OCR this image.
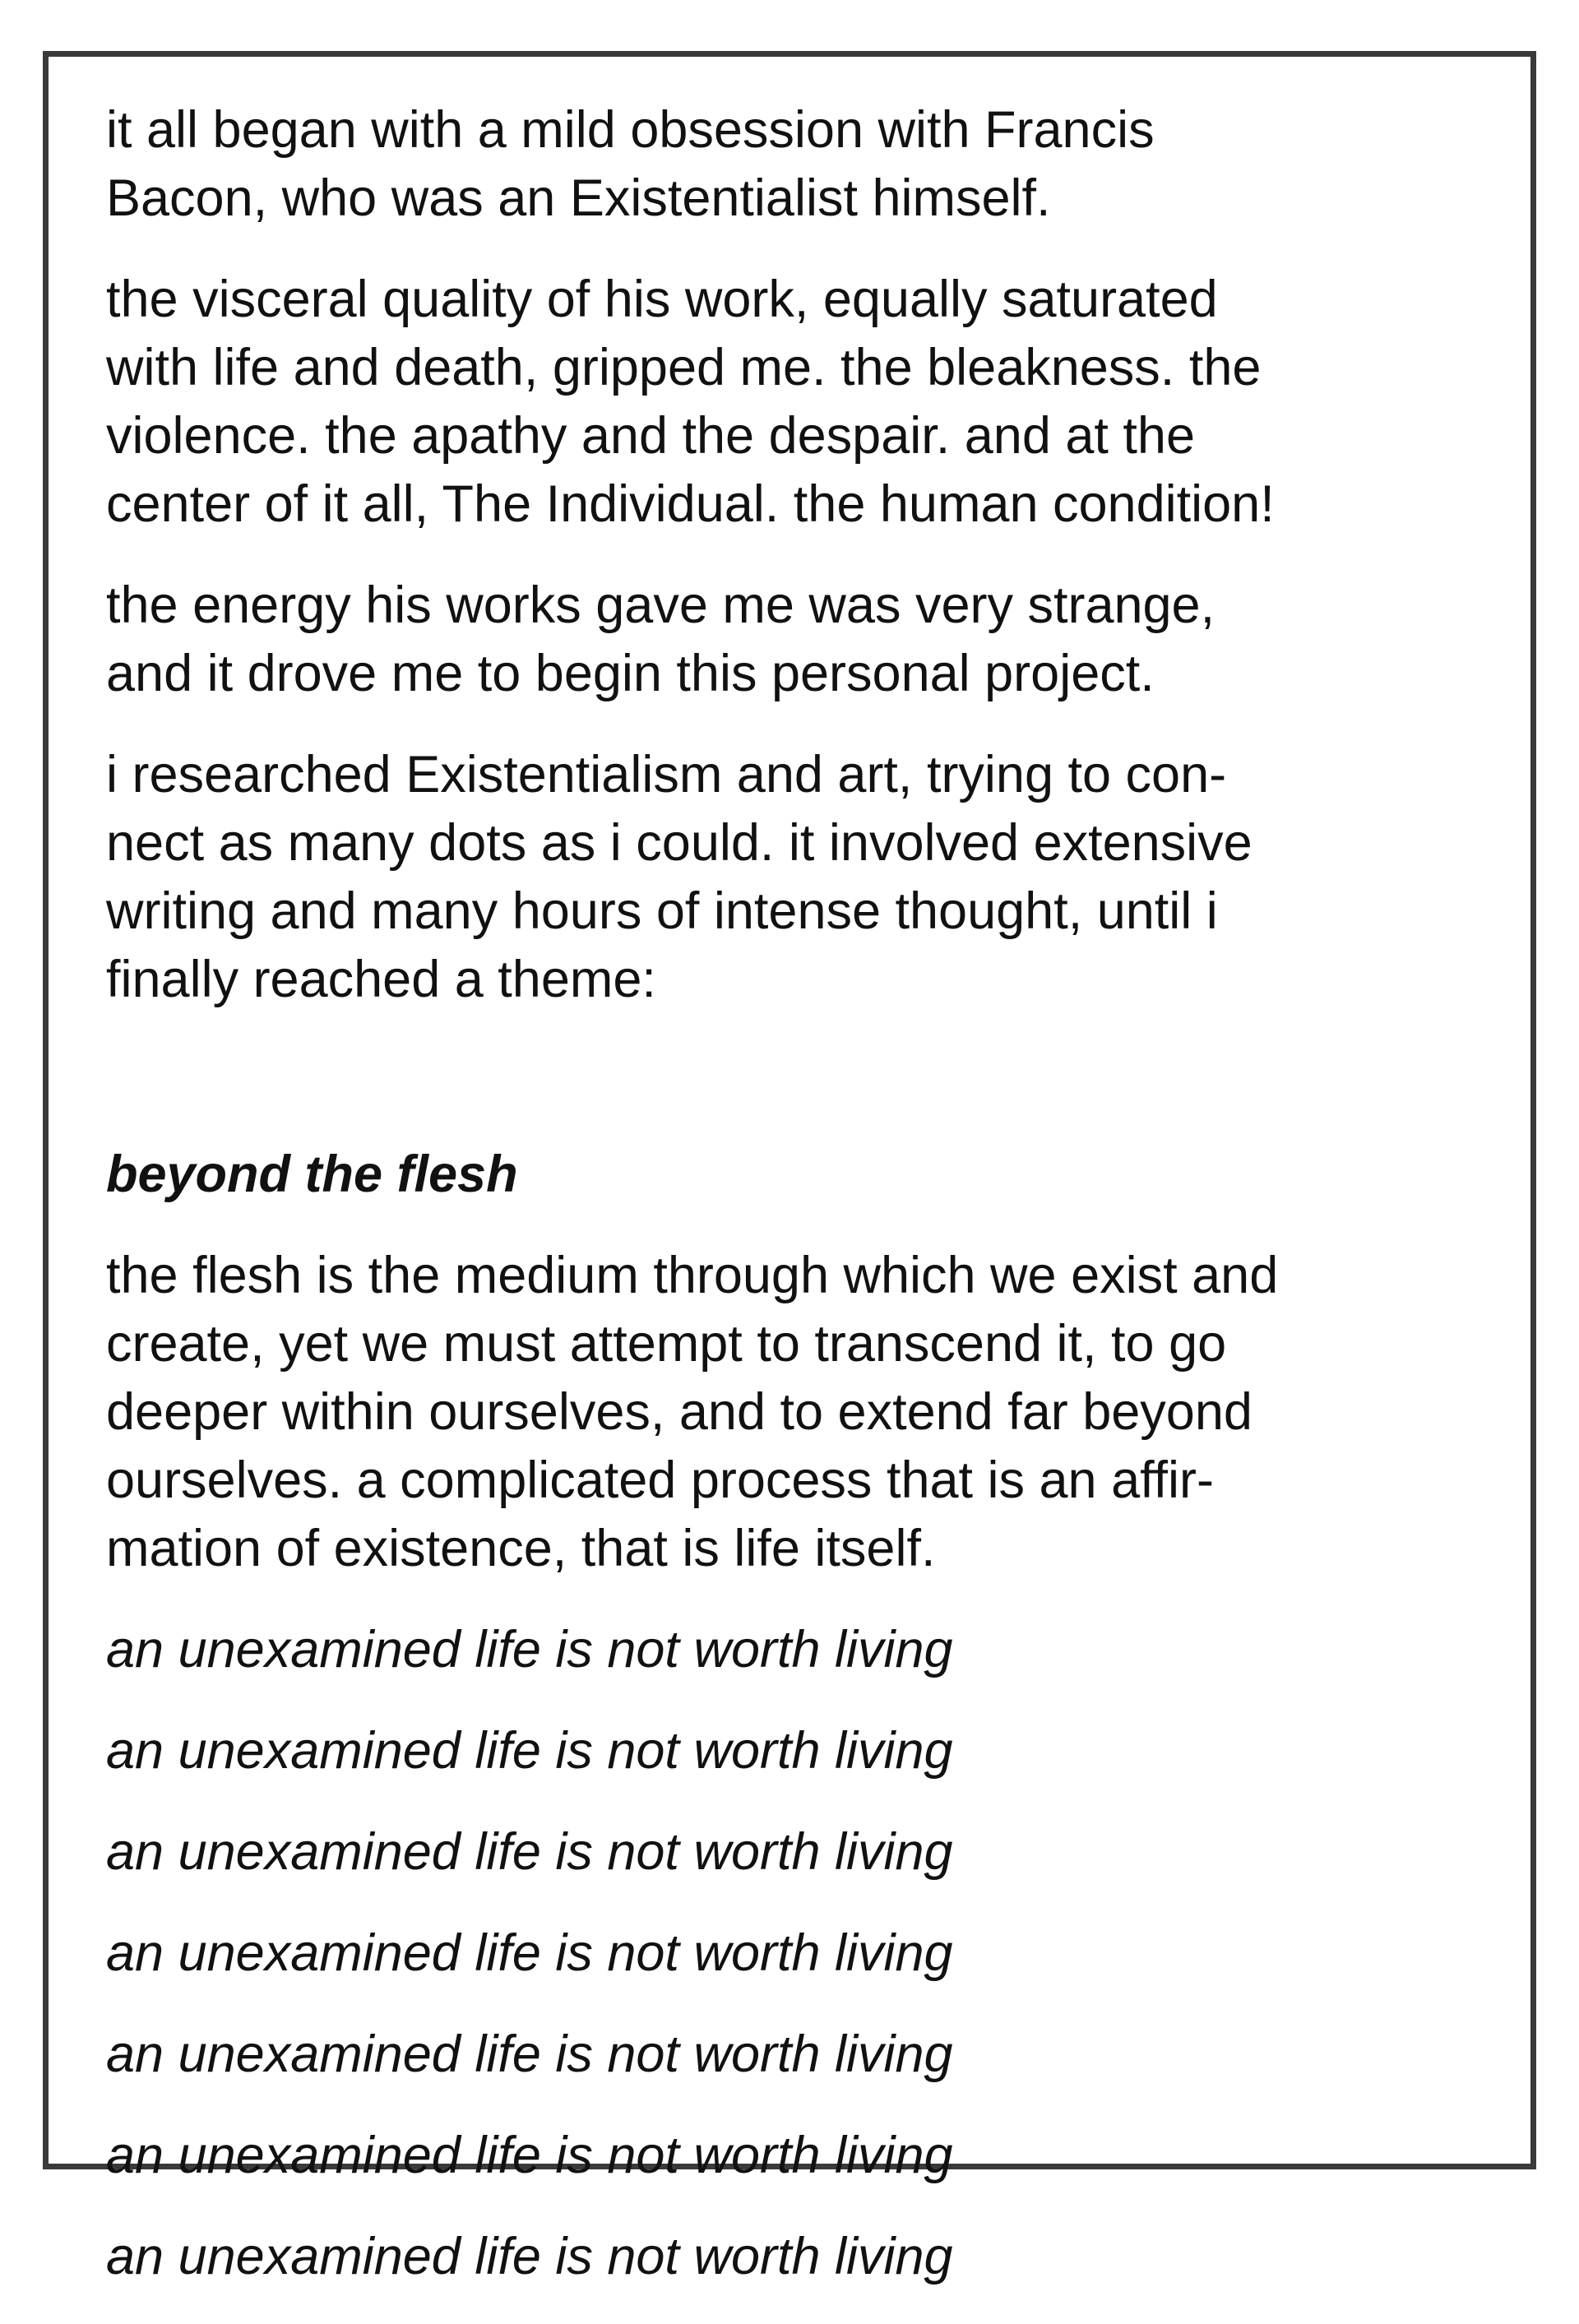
it all began with a mild obsession with Francis
Bacon, who was an Existentialist himself.

the visceral quality of his work, equally saturated
with life and death, gripped me. the bleakness. the
violence. the apathy and the despair. and at the
center of it all, The Individual. the human condition!

the energy his works gave me was very strange,
and it drove me to begin this personal project.

i researched Existentialism and art, trying to con-
nect as many dots as i could. it involved extensive
writing and many hours of intense thought, until i
finally reached a theme:

beyond the flesh

the flesh is the medium through which we exist and
create, yet we must attempt to transcend it, to go
deeper within ourselves, and to extend far beyond
ourselves. a complicated process that is an affir-
mation of existence, that is life itself.

an unexamined life is not worth living

an unexamined life is not worth living

an unexamined life is not worth living

an unexamined life is not worth living

an unexamined life is not worth living

an unexamined life is not worth living

an unexamined life is not worth living
